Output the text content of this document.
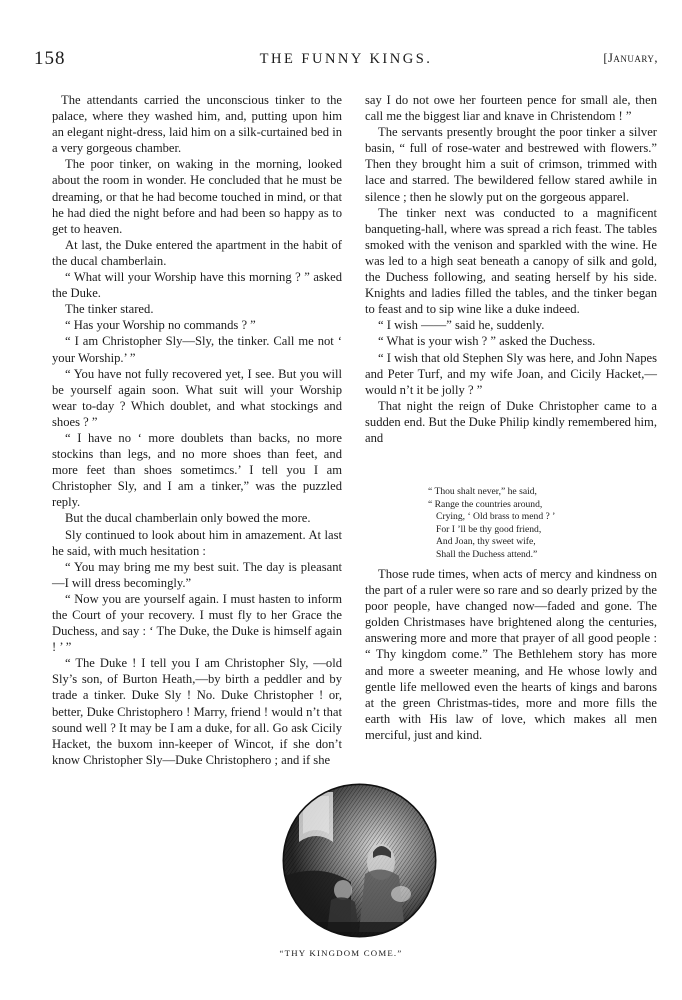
158	THE FUNNY KINGS.	[January,

The attendants carried the unconscious tinker to the palace, where they washed him, and, putting upon him an elegant night-dress, laid him on a silk-curtained bed in a very gorgeous chamber.

The poor tinker, on waking in the morning, looked about the room in wonder. He concluded that he must be dreaming, or that he had become touched in mind, or that he had died the night before and had been so happy as to get to heaven.

At last, the Duke entered the apartment in the habit of the ducal chamberlain.

“ What will your Worship have this morning ? ” asked the Duke.

The tinker stared.

“ Has your Worship no commands ? ”

“ I am Christopher Sly—Sly, the tinker. Call me not ‘ your Worship.’ ”

“ You have not fully recovered yet, I see. But you will be yourself again soon. What suit will your Worship wear to-day ? Which doublet, and what stockings and shoes ? ”

“ I have no ‘ more doublets than backs, no more stockins than legs, and no more shoes than feet, and more feet than shoes sometimcs.’ I tell you I am Christopher Sly, and I am a tinker,” was the puzzled reply.

But the ducal chamberlain only bowed the more.

Sly continued to look about him in amazement. At last he said, with much hesitation :

“ You may bring me my best suit. The day is pleasant—I will dress becomingly.”

“ Now you are yourself again. I must hasten to inform the Court of your recovery. I must fly to her Grace the Duchess, and say : ‘ The Duke, the Duke is himself again ! ’ ”

“ The Duke ! I tell you I am Christopher Sly, —old Sly’s son, of Burton Heath,—by birth a peddler and by trade a tinker. Duke Sly ! No. Duke Christopher ! or, better, Duke Christophero ! Marry, friend ! would n’t that sound well ? It may be I am a duke, for all. Go ask Cicily Hacket, the buxom inn-keeper of Wincot, if she don’t know Christopher Sly—Duke Christophero ; and if she

say I do not owe her fourteen pence for small ale, then call me the biggest liar and knave in Christendom ! ”

The servants presently brought the poor tinker a silver basin, “ full of rose-water and bestrewed with flowers.” Then they brought him a suit of crimson, trimmed with lace and starred. The bewildered fellow stared awhile in silence ; then he slowly put on the gorgeous apparel.

The tinker next was conducted to a magnificent banqueting-hall, where was spread a rich feast. The tables smoked with the venison and sparkled with the wine. He was led to a high seat beneath a canopy of silk and gold, the Duchess following, and seating herself by his side. Knights and ladies filled the tables, and the tinker began to feast and to sip wine like a duke indeed.

“ I wish ——” said he, suddenly.

“ What is your wish ? ” asked the Duchess.

“ I wish that old Stephen Sly was here, and John Napes and Peter Turf, and my wife Joan, and Cicily Hacket,—would n’t it be jolly ? ”

That night the reign of Duke Christopher came to a sudden end. But the Duke Philip kindly remembered him, and

“ Thou shalt never,” he said,
“ Range the countries around,
Crying, ‘ Old brass to mend ? ’
For I ’ll be thy good friend,
And Joan, thy sweet wife,
Shall the Duchess attend.”

Those rude times, when acts of mercy and kindness on the part of a ruler were so rare and so dearly prized by the poor people, have changed now—faded and gone. The golden Christmases have brightened along the centuries, answering more and more that prayer of all good people : “ Thy kingdom come.” The Bethlehem story has more and more a sweeter meaning, and He whose lowly and gentle life mellowed even the hearts of kings and barons at the green Christmas-tides, more and more fills the earth with His law of love, which makes all men merciful, just and kind.

“THY KINGDOM COME.”
